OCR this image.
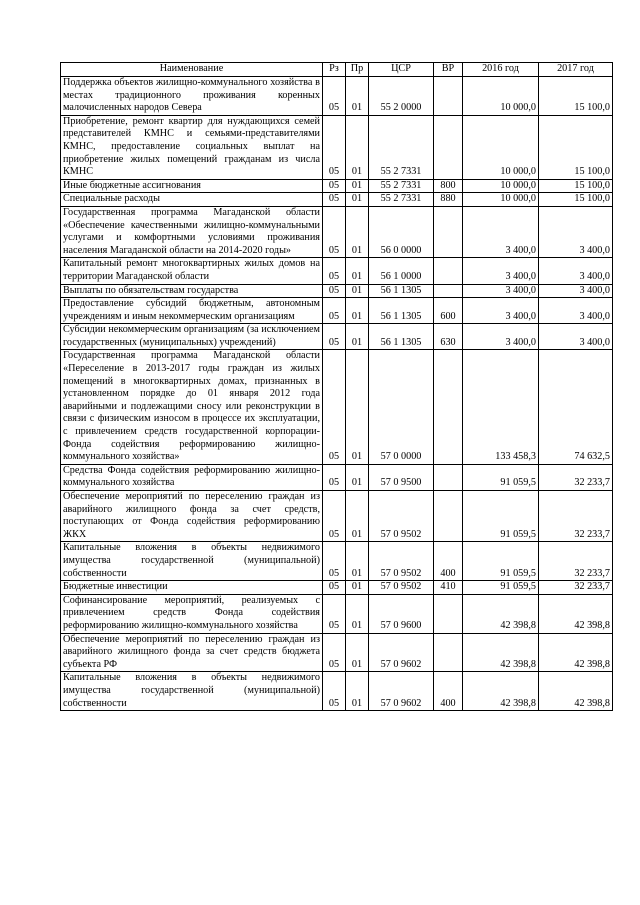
Наименование	Рз	Пр	ЦСР	ВР	2016 год	2017 год
Поддержка объектов жилищно-коммунального хозяйства в местах традиционного проживания коренных малочисленных народов Севера	05	01	55 2 0000		10 000,0	15 100,0
Приобретение, ремонт квартир для нуждающихся семей представителей КМНС и семьями-представителями КМНС, предоставление социальных выплат на приобретение жилых помещений гражданам из числа КМНС	05	01	55 2 7331		10 000,0	15 100,0
Иные бюджетные ассигнования	05	01	55 2 7331	800	10 000,0	15 100,0
Специальные расходы	05	01	55 2 7331	880	10 000,0	15 100,0
Государственная программа Магаданской области «Обеспечение качественными жилищно-коммунальными услугами и комфортными условиями проживания населения Магаданской области на 2014-2020 годы»	05	01	56 0 0000		3 400,0	3 400,0
Капитальный ремонт многоквартирных жилых домов на территории Магаданской области	05	01	56 1 0000		3 400,0	3 400,0
Выплаты по обязательствам государства	05	01	56 1 1305		3 400,0	3 400,0
Предоставление субсидий бюджетным, автономным учреждениям и иным некоммерческим организациям	05	01	56 1 1305	600	3 400,0	3 400,0
Субсидии некоммерческим организациям (за исключением государственных (муниципальных) учреждений)	05	01	56 1 1305	630	3 400,0	3 400,0
Государственная программа Магаданской области «Переселение в 2013-2017 годы граждан из жилых помещений в многоквартирных домах, признанных в установленном порядке до 01 января 2012 года аварийными и подлежащими сносу или реконструкции в связи с физическим износом в процессе их эксплуатации, с привлечением средств государственной корпорации-Фонда содействия реформированию жилищно-коммунального хозяйства»	05	01	57 0 0000		133 458,3	74 632,5
Средства Фонда содействия реформированию жилищно-коммунального хозяйства	05	01	57 0 9500		91 059,5	32 233,7
Обеспечение мероприятий по переселению граждан из аварийного жилищного фонда за счет средств, поступающих от Фонда содействия реформированию ЖКХ	05	01	57 0 9502		91 059,5	32 233,7
Капитальные вложения в объекты недвижимого имущества государственной (муниципальной) собственности	05	01	57 0 9502	400	91 059,5	32 233,7
Бюджетные инвестиции	05	01	57 0 9502	410	91 059,5	32 233,7
Софинансирование мероприятий, реализуемых с привлечением средств Фонда содействия реформированию жилищно-коммунального хозяйства	05	01	57 0 9600		42 398,8	42 398,8
Обеспечение мероприятий по переселению граждан из аварийного жилищного фонда за счет средств бюджета субъекта РФ	05	01	57 0 9602		42 398,8	42 398,8
Капитальные вложения в объекты недвижимого имущества государственной (муниципальной) собственности	05	01	57 0 9602	400	42 398,8	42 398,8
